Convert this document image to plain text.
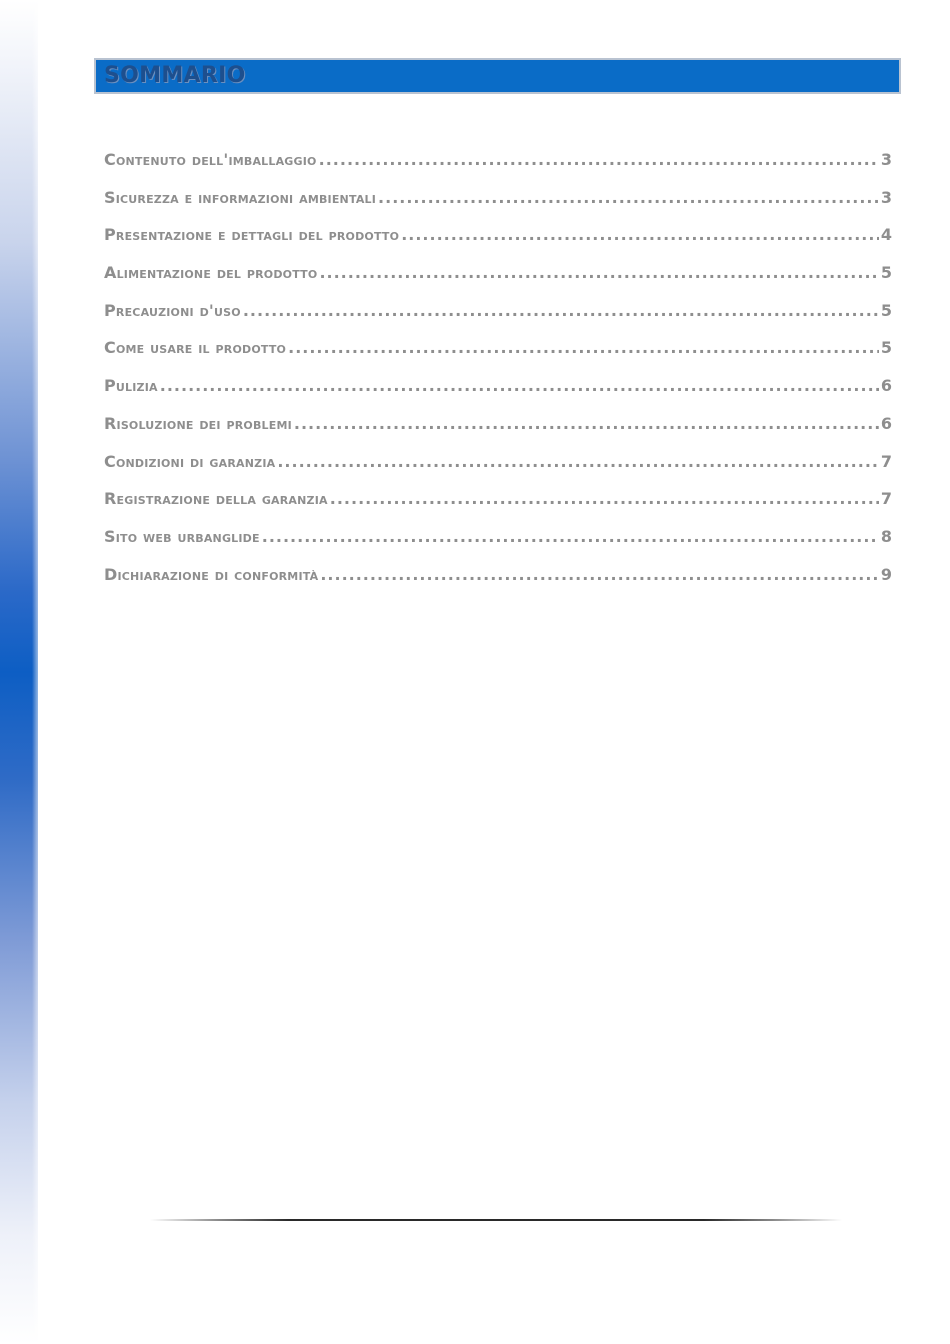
SOMMARIO
Contenuto dell'imballaggio .....	3
Sicurezza e informazioni ambientali .....	3
Presentazione e dettagli del prodotto .....	4
Alimentazione del prodotto .....	5
Precauzioni d'uso .....	5
Come usare il prodotto .....	5
Pulizia .....	6
Risoluzione dei problemi .....	6
Condizioni di garanzia .....	7
Registrazione della garanzia .....	7
Sito web urbanglide .....	8
Dichiarazione di conformità .....	9
